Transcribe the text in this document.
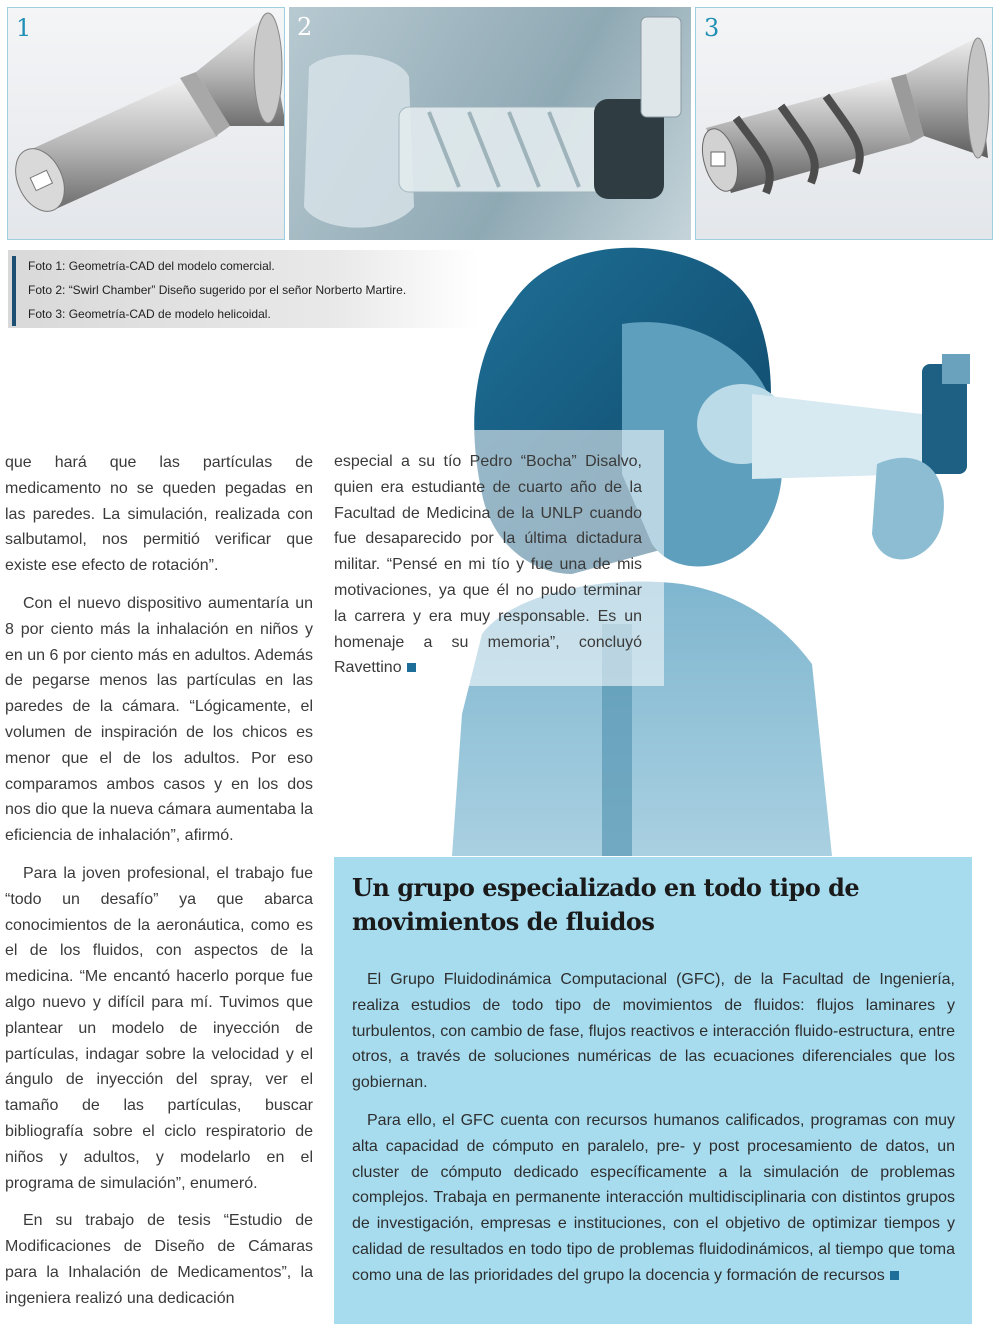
1	2	3

Foto 1: Geometría-CAD del modelo comercial.

Foto 2: “Swirl Chamber” Diseño sugerido por el señor Norberto Martire.

Foto 3: Geometría-CAD de modelo helicoidal.

que hará que las partículas de medicamento no se queden pegadas en las paredes. La simulación, realizada con salbutamol, nos permitió verificar que existe ese efecto de rotación”.

Con el nuevo dispositivo aumentaría un 8 por ciento más la inhalación en niños y en un 6 por ciento más en adultos. Además de pegarse menos las partículas en las paredes de la cámara. “Lógicamente, el volumen de inspiración de los chicos es menor que el de los adultos. Por eso comparamos ambos casos y en los dos nos dio que la nueva cámara aumentaba la eficiencia de inhalación”, afirmó.

Para la joven profesional, el trabajo fue “todo un desafío” ya que abarca conocimientos de la aeronáutica, como es el de los fluidos, con aspectos de la medicina. “Me encantó hacerlo porque fue algo nuevo y difícil para mí. Tuvimos que plantear un modelo de inyección de partículas, indagar sobre la velocidad y el ángulo de inyección del spray, ver el tamaño de las partículas, buscar bibliografía sobre el ciclo respiratorio de niños y adultos, y modelarlo en el programa de simulación”, enumeró.

En su trabajo de tesis “Estudio de Modificaciones de Diseño de Cámaras para la Inhalación de Medicamentos”, la ingeniera realizó una dedicación

especial a su tío Pedro “Bocha” Disalvo, quien era estudiante de cuarto año de la Facultad de Medicina de la UNLP cuando fue desaparecido por la última dictadura militar. “Pensé en mi tío y fue una de mis motivaciones, ya que él no pudo terminar la carrera y era muy responsable. Es un homenaje a su memoria”, concluyó Ravettino

Un grupo especializado en todo tipo de movimientos de fluidos

El Grupo Fluidodinámica Computacional (GFC), de la Facultad de Ingeniería, realiza estudios de todo tipo de movimientos de fluidos: flujos laminares y turbulentos, con cambio de fase, flujos reactivos e interacción fluido-estructura, entre otros, a través de soluciones numéricas de las ecuaciones diferenciales que los gobiernan.

Para ello, el GFC cuenta con recursos humanos calificados, programas con muy alta capacidad de cómputo en paralelo, pre- y post procesamiento de datos, un cluster de cómputo dedicado específicamente a la simulación de problemas complejos. Trabaja en permanente interacción multidisciplinaria con distintos grupos de investigación, empresas e instituciones, con el objetivo de optimizar tiempos y calidad de resultados en todo tipo de problemas fluidodinámicos, al tiempo que toma como una de las prioridades del grupo la docencia y formación de recursos
